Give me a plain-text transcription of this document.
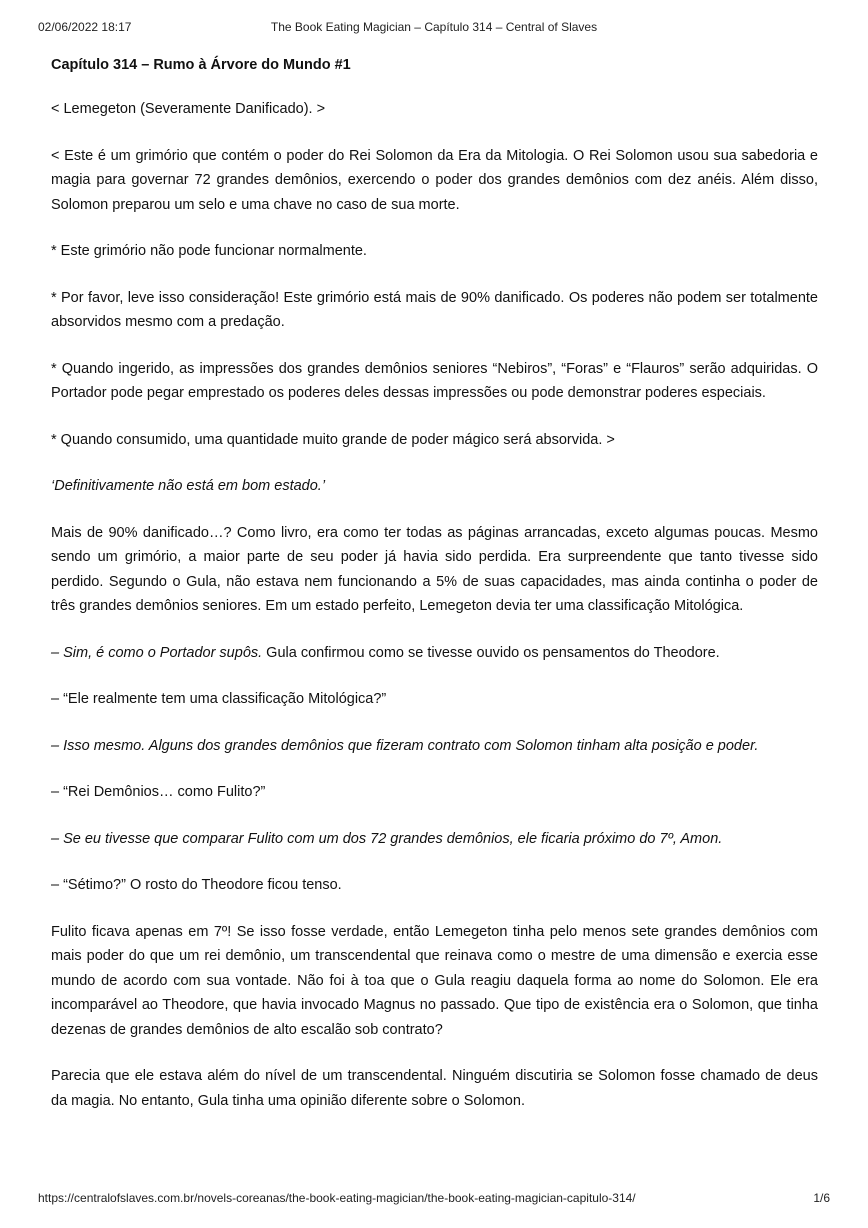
02/06/2022 18:17	The Book Eating Magician – Capítulo 314 – Central of Slaves
Capítulo 314 – Rumo à Árvore do Mundo #1

< Lemegeton (Severamente Danificado). >

< Este é um grimório que contém o poder do Rei Solomon da Era da Mitologia. O Rei Solomon usou sua sabedoria e magia para governar 72 grandes demônios, exercendo o poder dos grandes demônios com dez anéis. Além disso, Solomon preparou um selo e uma chave no caso de sua morte.

* Este grimório não pode funcionar normalmente.

* Por favor, leve isso consideração! Este grimório está mais de 90% danificado. Os poderes não podem ser totalmente absorvidos mesmo com a predação.

* Quando ingerido, as impressões dos grandes demônios seniores “Nebiros”, “Foras” e “Flauros” serão adquiridas. O Portador pode pegar emprestado os poderes deles dessas impressões ou pode demonstrar poderes especiais.

* Quando consumido, uma quantidade muito grande de poder mágico será absorvida. >

‘Definitivamente não está em bom estado.’

Mais de 90% danificado…? Como livro, era como ter todas as páginas arrancadas, exceto algumas poucas. Mesmo sendo um grimório, a maior parte de seu poder já havia sido perdida. Era surpreendente que tanto tivesse sido perdido. Segundo o Gula, não estava nem funcionando a 5% de suas capacidades, mas ainda continha o poder de três grandes demônios seniores. Em um estado perfeito, Lemegeton devia ter uma classificação Mitológica.

– Sim, é como o Portador supôs. Gula confirmou como se tivesse ouvido os pensamentos do Theodore.

– “Ele realmente tem uma classificação Mitológica?”

– Isso mesmo. Alguns dos grandes demônios que fizeram contrato com Solomon tinham alta posição e poder.

– “Rei Demônios… como Fulito?”

– Se eu tivesse que comparar Fulito com um dos 72 grandes demônios, ele ficaria próximo do 7º, Amon.

– “Sétimo?” O rosto do Theodore ficou tenso.

Fulito ficava apenas em 7º! Se isso fosse verdade, então Lemegeton tinha pelo menos sete grandes demônios com mais poder do que um rei demônio, um transcendental que reinava como o mestre de uma dimensão e exercia esse mundo de acordo com sua vontade. Não foi à toa que o Gula reagiu daquela forma ao nome do Solomon. Ele era incomparável ao Theodore, que havia invocado Magnus no passado. Que tipo de existência era o Solomon, que tinha dezenas de grandes demônios de alto escalão sob contrato?

Parecia que ele estava além do nível de um transcendental. Ninguém discutiria se Solomon fosse chamado de deus da magia. No entanto, Gula tinha uma opinião diferente sobre o Solomon.

https://centralofslaves.com.br/novels-coreanas/the-book-eating-magician/the-book-eating-magician-capitulo-314/	1/6
